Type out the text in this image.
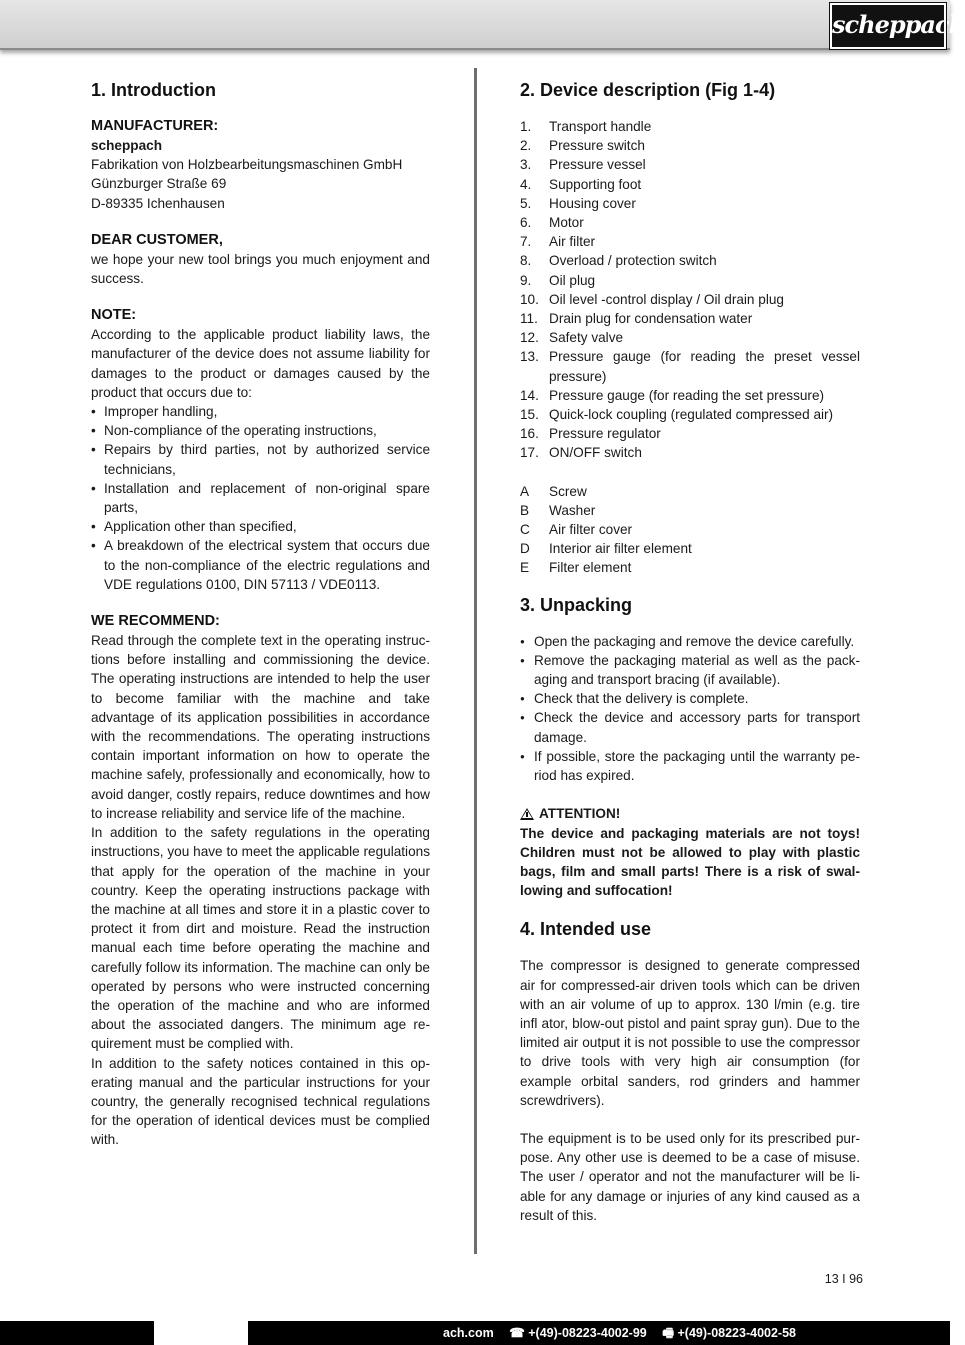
scheppach
1. Introduction
MANUFACTURER:

scheppach

Fabrikation von Holzbearbeitungsmaschinen GmbH

Günzburger Straße 69

D-89335 Ichenhausen

DEAR CUSTOMER,

we hope your new tool brings you much enjoyment and success.

NOTE:

According to the applicable product liability laws, the manufacturer of the device does not assume liability for damages to the product or damages caused by the product that occurs due to:

• Improper handling,
• Non-compliance of the operating instructions,
• Repairs by third parties, not by authorized service technicians,
• Installation and replacement of non-original spare parts,
• Application other than specified,
• A breakdown of the electrical system that occurs due to the non-compliance of the electric regulations and VDE regulations 0100, DIN 57113 / VDE0113.
WE RECOMMEND:

Read through the complete text in the operating instructions before installing and commissioning the device. The operating instructions are intended to help the user to become familiar with the machine and take advantage of its application possibilities in accordance with the recommendations. The operating instructions contain important information on how to operate the machine safely, professionally and economically, how to avoid danger, costly repairs, reduce downtimes and how to increase reliability and service life of the machine.

In addition to the safety regulations in the operating instructions, you have to meet the applicable regulations that apply for the operation of the machine in your country. Keep the operating instructions package with the machine at all times and store it in a plastic cover to protect it from dirt and moisture. Read the instruction manual each time before operating the machine and carefully follow its information. The machine can only be operated by persons who were instructed concerning the operation of the machine and who are informed about the associated dangers. The minimum age requirement must be complied with.

In addition to the safety notices contained in this operating manual and the particular instructions for your country, the generally recognised technical regulations for the operation of identical devices must be complied with.

2. Device description (Fig 1-4)
1.	Transport handle
2.	Pressure switch
3.	Pressure vessel
4.	Supporting foot
5.	Housing cover
6.	Motor
7.	Air filter
8.	Overload / protection switch
9.	Oil plug
10. Oil level -control display / Oil drain plug
11. Drain plug for condensation water
12. Safety valve
13. Pressure gauge (for reading the preset vessel pressure)
14. Pressure gauge (for reading the set pressure)
15. Quick-lock coupling (regulated compressed air)
16. Pressure regulator
17. ON/OFF switch
A	Screw
B	Washer
C	Air filter cover
D	Interior air filter element
E	Filter element
3. Unpacking
● Open the packaging and remove the device carefully.
● Remove the packaging material as well as the packaging and transport bracing (if available).
● Check that the delivery is complete.
● Check the device and accessory parts for transport damage.
● If possible, store the packaging until the warranty period has expired.
ATTENTION!

The device and packaging materials are not toys! Children must not be allowed to play with plastic bags, film and small parts! There is a risk of swallowing and suffocation!

4. Intended use

The compressor is designed to generate compressed air for compressed-air driven tools which can be driven with an air volume of up to approx. 130 l/min (e.g. tire infl ator, blow-out pistol and paint spray gun). Due to the limited air output it is not possible to use the compressor to drive tools with very high air consumption (for example orbital sanders, rod grinders and hammer screwdrivers).

The equipment is to be used only for its prescribed purpose. Any other use is deemed to be a case of misuse. The user / operator and not the manufacturer will be liable for any damage or injuries of any kind caused as a result of this.

13 I 96
ach.com ☎ +(49)-08223-4002-99 🖷 +(49)-08223-4002-58
